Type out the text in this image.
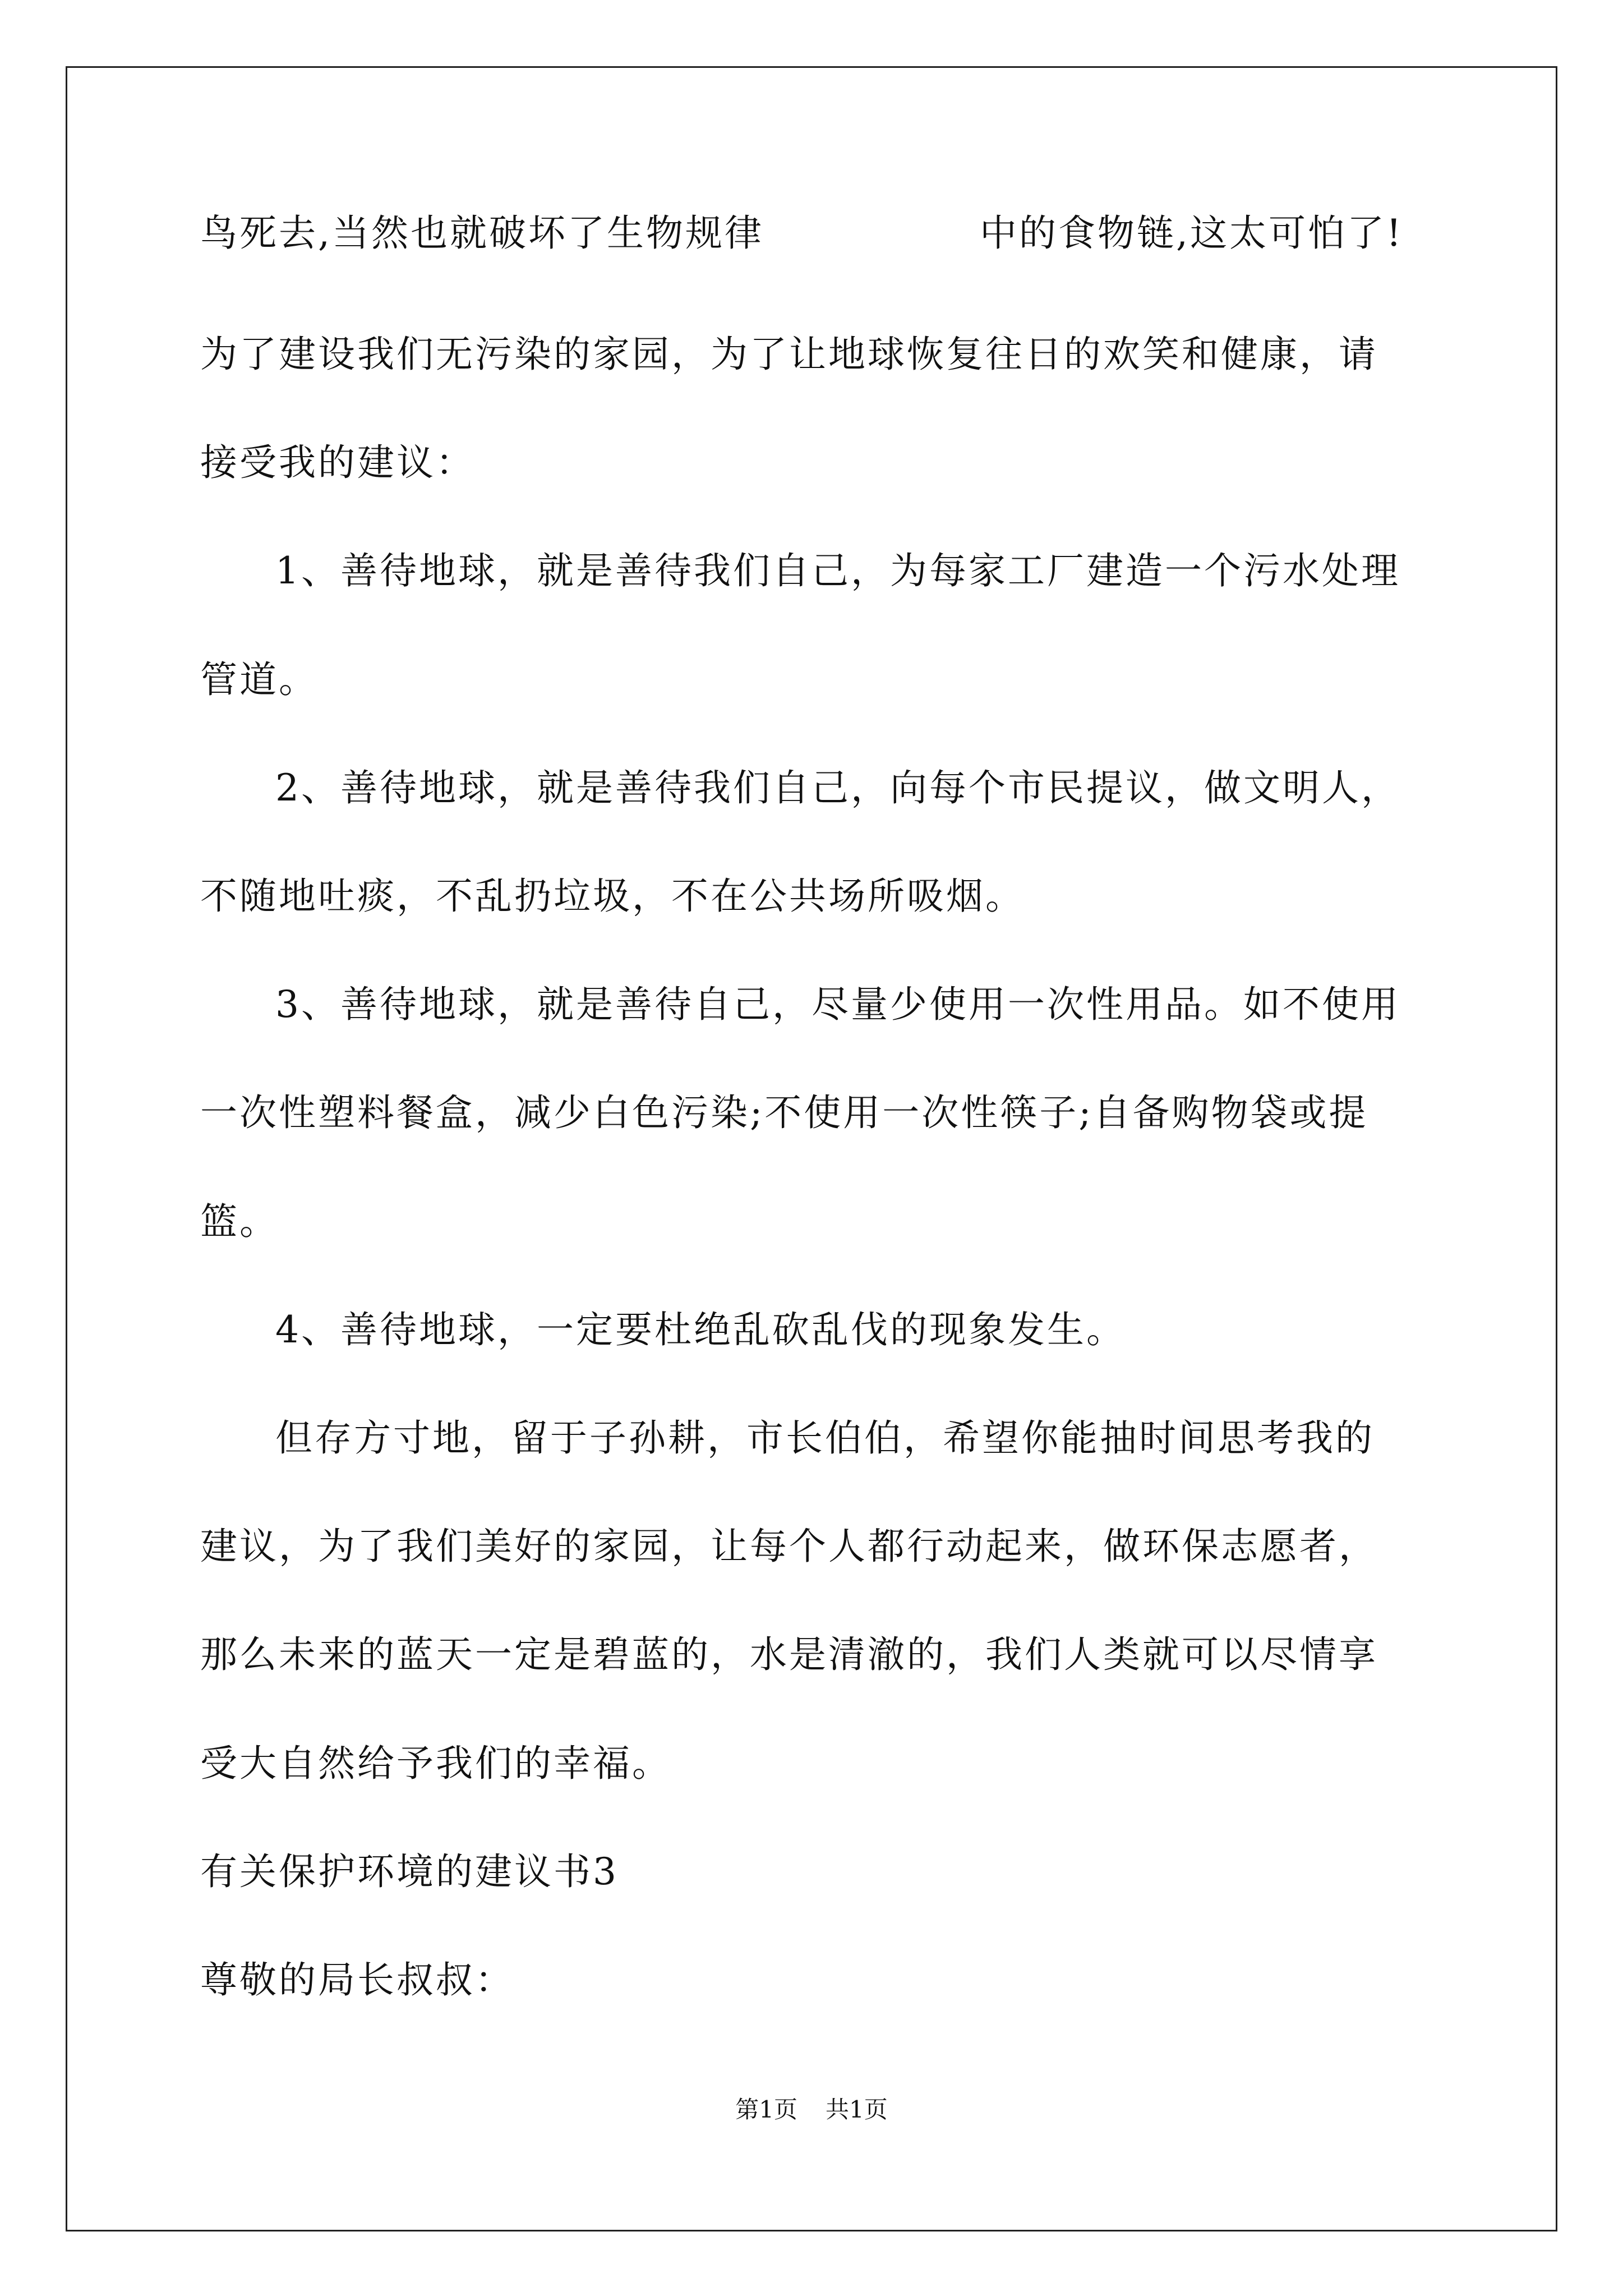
鸟死去,当然也就破坏了生物规律	中的食物链,这太可怕了!
为了建设我们无污染的家园，为了让地球恢复往日的欢笑和健康，请
接受我的建议：
1、善待地球，就是善待我们自己，为每家工厂建造一个污水处理
管道。
2、善待地球，就是善待我们自己，向每个市民提议，做文明人，
不随地吐痰，不乱扔垃圾，不在公共场所吸烟。
3、善待地球，就是善待自己，尽量少使用一次性用品。如不使用
一次性塑料餐盒，减少白色污染;不使用一次性筷子;自备购物袋或提
篮。
4、善待地球，一定要杜绝乱砍乱伐的现象发生。
但存方寸地，留于子孙耕，市长伯伯，希望你能抽时间思考我的
建议，为了我们美好的家园，让每个人都行动起来，做环保志愿者，
那么未来的蓝天一定是碧蓝的，水是清澈的，我们人类就可以尽情享
受大自然给予我们的幸福。
有关保护环境的建议书3
尊敬的局长叔叔：
第1页 共1页
